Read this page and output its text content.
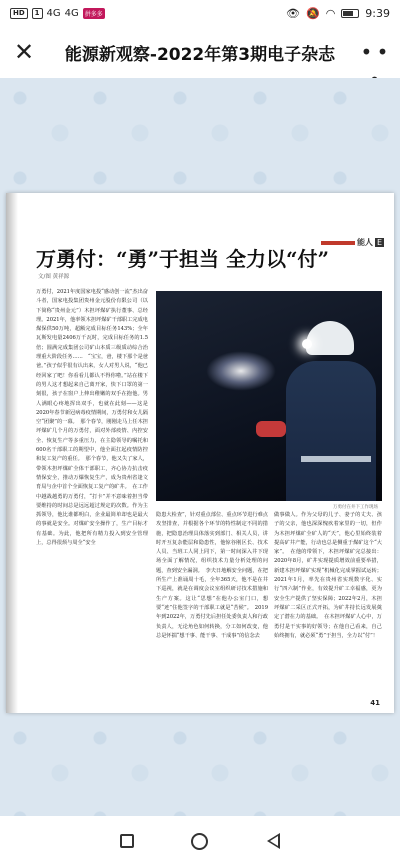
HD	1 4G 4G	拼多多	👁 🔕 ◠	9:39
✕ 能源新观察-2022年第3期电子杂志 • •
能人 E
万勇付：“勇”于担当 全力以“付”
文/图 黄祥源
万勇付在井下工作现场
万勇付，2021年度国家电投“感动创一流”杰出奋斗者，国家电投集团贵州金元股份有限公司（以下简称“贵州金元”）木担坪煤矿执行董事、总经理。2021年，他率领木担坪煤矿干部职工完成电煤保供50万吨，超额完成目标任务143%；全年瓦斯发电量2406万千瓦时，完成目标任务的1.5倍；圆满完成集团公司矿山本质三级质动综合治理重大阶段任务……　“宝宝，爸，楼下那个是爸爸。”孩子似乎很有认出来，女人对男人说，“他已经回家了吧！你看看儿都认不得你啦。”站在楼下的男人这才想起来自己离开家，快下口罩的第一刻很，孩子在窗户上伸出稚嫩的双手在抱他。男人满眼心疼地挥出双手，也就在此刻——这是2020年春节新冠病毒疫情期间，万勇付和女儿隔空“团聚”的一幕。　那个春节，刚刚走马上任木担坪煤矿几个月的万勇付，面对外部疫情、内控安全、恢复生产等多重压力，在主隐领导的嘱托和600名干部职工的期望中，他全面扛起疫情防控和复工复产的重任。　那个春节，他又失了家人，带领木担坪煤矿全体干部职工，齐心协力抗击疫情保安全，推动万爆恢复生产，成为贵州省逢文育局与企中首个全面恢复工复产的矿井。　在工作中越战越勇的万勇付，“打卡”并不意味着担当带要维持的时间总是远远超过规定的次数。作为主抓领导，他比谁都明白，企业最简单却也是最大的事就是安全。对煤矿安全操作了，生产目标才有基础。为此，他把所有精力投入到安全管理上，总得很烦与周全“安全
隐患大检查”，针对重点部位、重点环节进行难点攻坚排查，并根据各个环节的特性制定不同的措施，把隐患治理具体落实到部门、相关人员，讲时开互复杂能层和隐患性，他惊谷刚区长、技术人员、当班工人同上同下，第一时间深入井下现场全面了解情况，组织技术力量分析处理的问题，查到安全漏洞。　李夫日地解安全问题，在把所生产上准诵周十毛，全年365天，他不是在井下巡视，就是在调度会议室组织研讨技术措施和生产方案。这让“思想”在他办公室门口，想要“迹”住他签字的干部职工就是“苦候”。　2019年到2022年，万勇付先后担任处委负责人和行政负责人，无论角色如何转换，分工如何改变，他总是怀揣“想干事、能干事、干成事”的信念去
做事做人。作为父母的儿子、妻子的丈夫、孩子的父亲，他也深深愧疚着家里的一切，但作为木担坪煤矿全矿人的“天”，他心里始终装着提高矿井产能，行动也总是侧重于煤矿这个“大家”。　在他的带领下，木担坪煤矿完总接出：2020年8月，矿井实现提质增效前重要举措，新建木担坪煤矿实现“机械化完成掌握试运转；2021年1月，率先在贵州省实现数字化、实行“四六制”作业，有效提升矿工幸福感，更为安全生产提供了坚实保障；2022年2月，木担坪煤矿二采区正式开拓，为矿井持长远发展奠定了潜在力的基础。　在木担坪煤矿人心中，万勇付是干实事的好领导；在他自己看来，自己始终拥有，就必须“勇”于担当，全力以“付”！
41
